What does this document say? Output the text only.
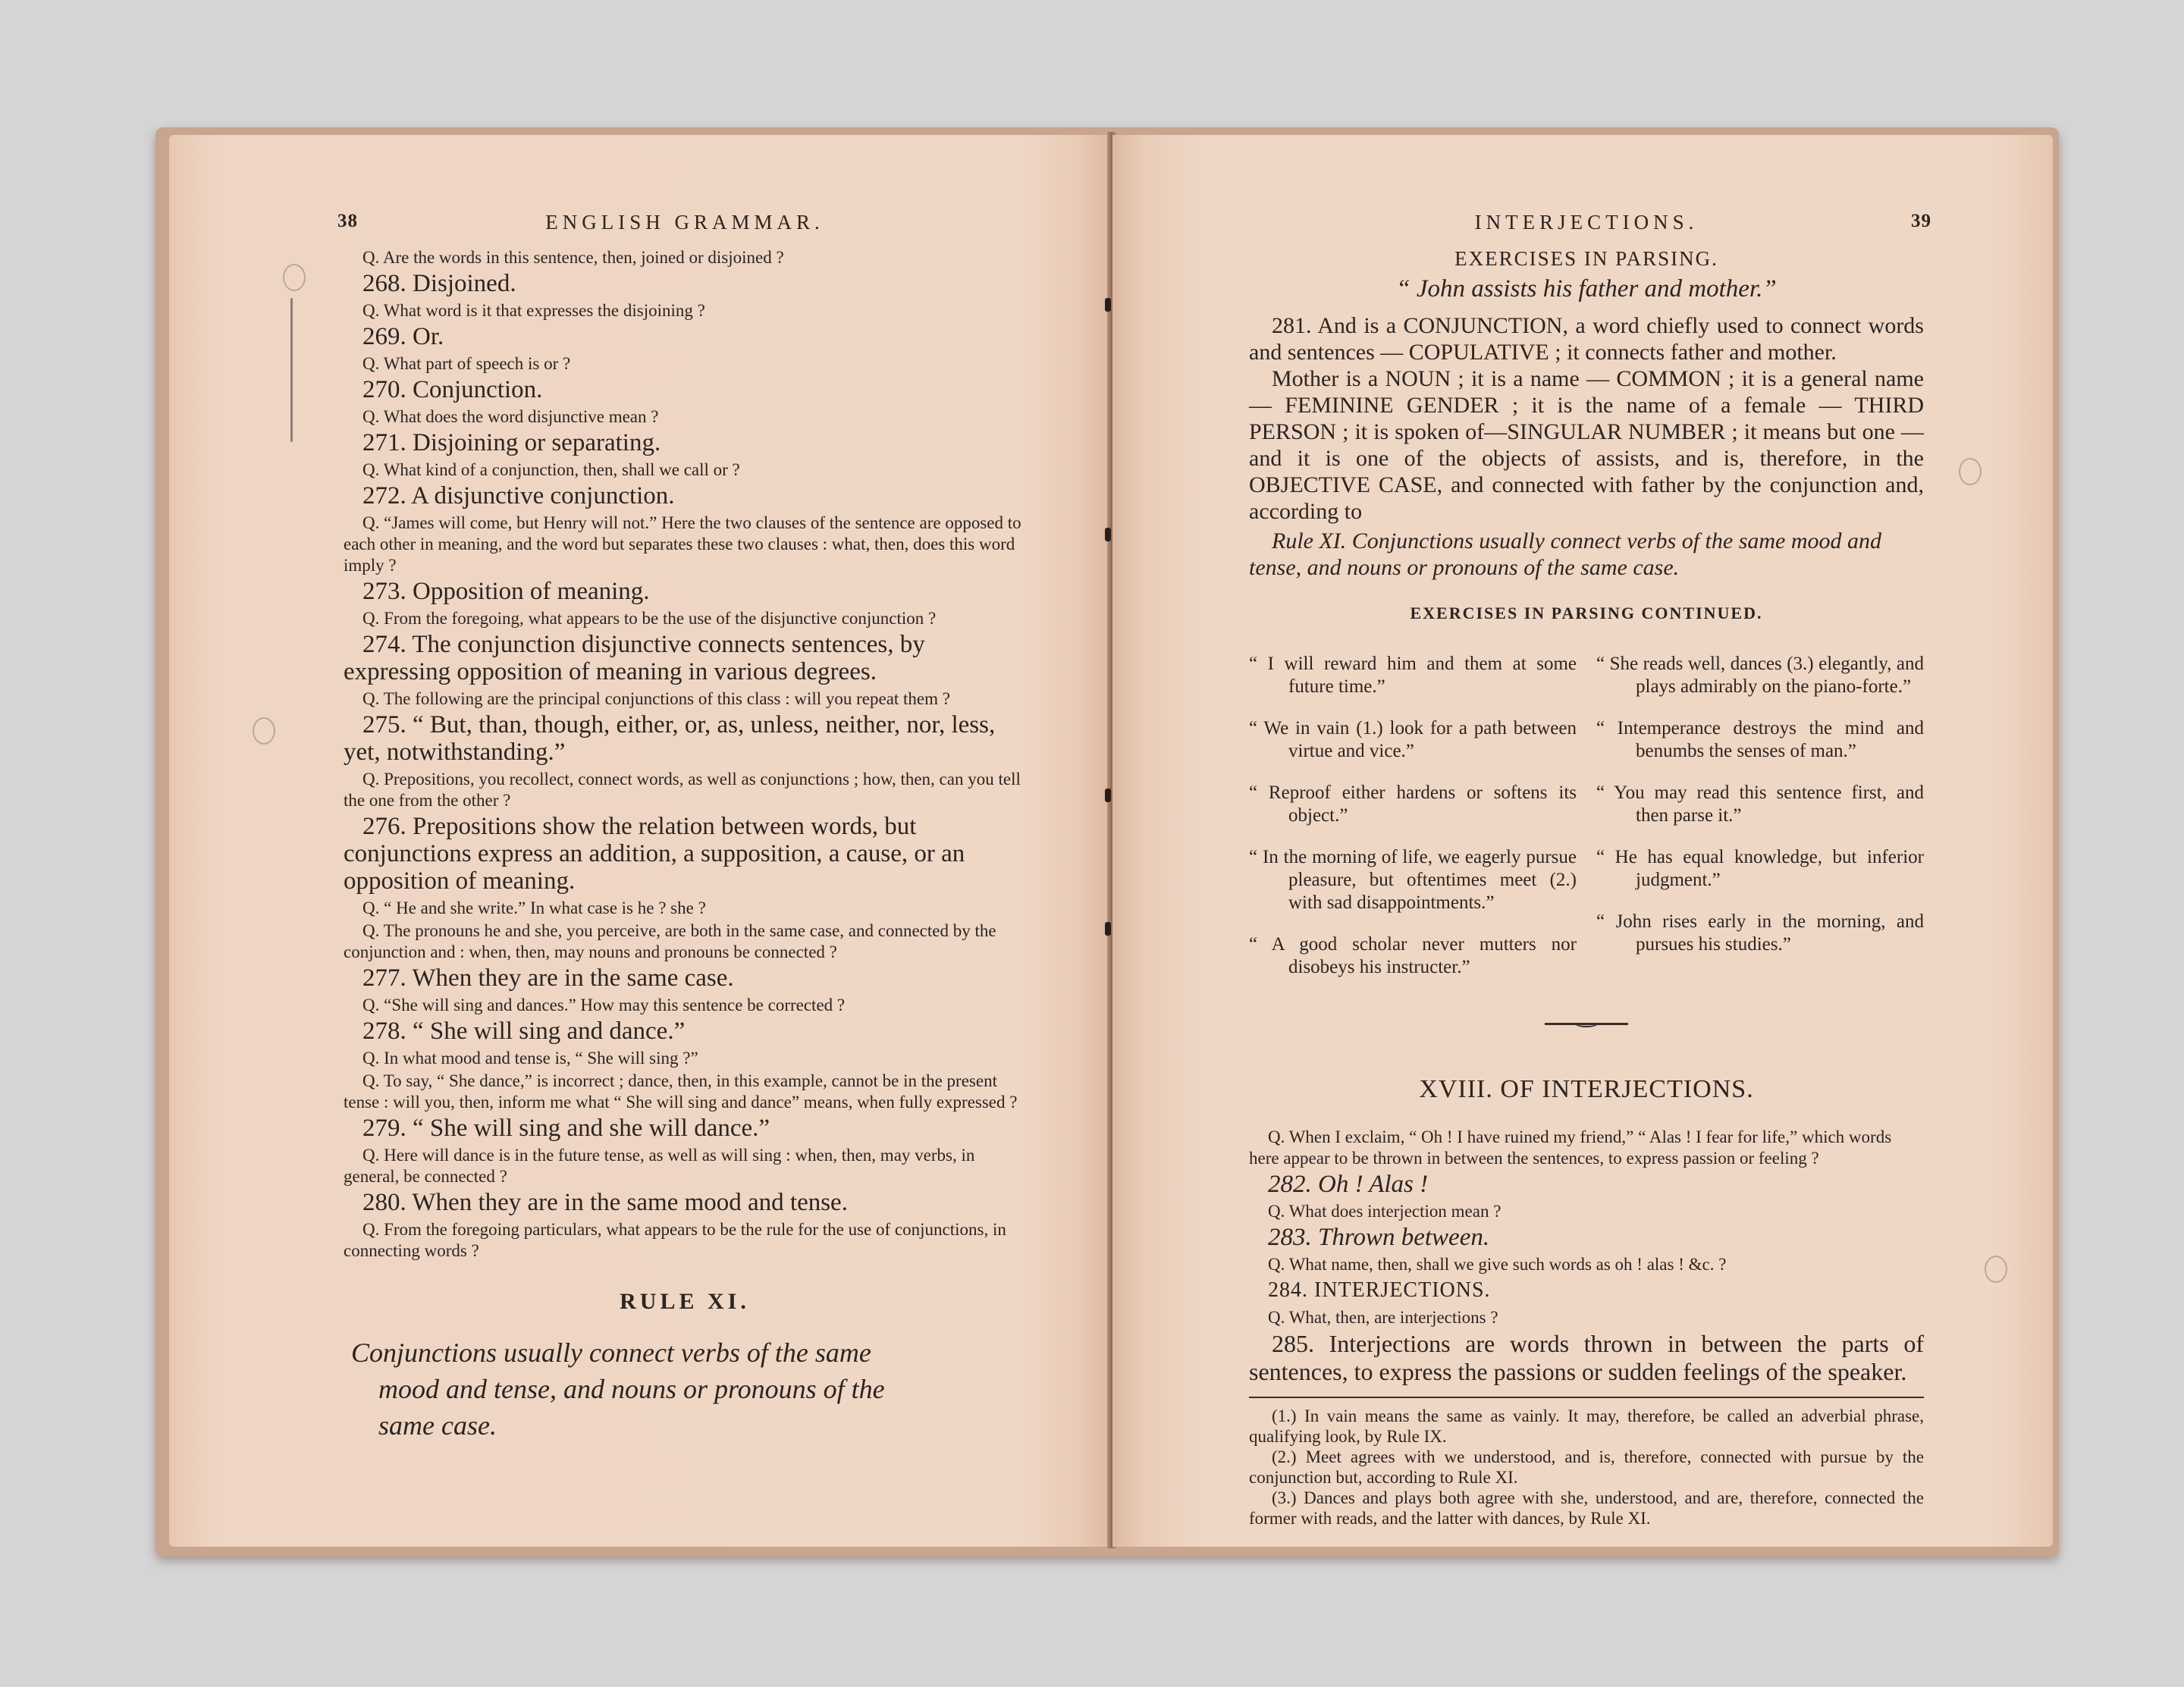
38	ENGLISH GRAMMAR.

Q. Are the words in this sentence, then, joined or disjoined ?

268. Disjoined.

Q. What word is it that expresses the disjoining ?

269. Or.

Q. What part of speech is or ?

270. Conjunction.

Q. What does the word disjunctive mean ?

271. Disjoining or separating.

Q. What kind of a conjunction, then, shall we call or ?

272. A disjunctive conjunction.

Q. “James will come, but Henry will not.” Here the two clauses of the sentence are opposed to each other in meaning, and the word but separates these two clauses : what, then, does this word imply ?

273. Opposition of meaning.

Q. From the foregoing, what appears to be the use of the disjunctive conjunction ?

274. The conjunction disjunctive connects sentences, by expressing opposition of meaning in various degrees.

Q. The following are the principal conjunctions of this class : will you repeat them ?

275. “ But, than, though, either, or, as, unless, neither, nor, less, yet, notwithstanding.”

Q. Prepositions, you recollect, connect words, as well as conjunctions ; how, then, can you tell the one from the other ?

276. Prepositions show the relation between words, but conjunctions express an addition, a supposition, a cause, or an opposition of meaning.

Q. “ He and she write.” In what case is he ? she ?

Q. The pronouns he and she, you perceive, are both in the same case, and connected by the conjunction and : when, then, may nouns and pronouns be connected ?

277. When they are in the same case.

Q. “She will sing and dances.” How may this sentence be corrected ?

278. “ She will sing and dance.”

Q. In what mood and tense is, “ She will sing ?”

Q. To say, “ She dance,” is incorrect ; dance, then, in this example, cannot be in the present tense : will you, then, inform me what “ She will sing and dance” means, when fully expressed ?

279. “ She will sing and she will dance.”

Q. Here will dance is in the future tense, as well as will sing : when, then, may verbs, in general, be connected ?

280. When they are in the same mood and tense.

Q. From the foregoing particulars, what appears to be the rule for the use of conjunctions, in connecting words ?

RULE XI.
Conjunctions usually connect verbs of the same
mood and tense, and nouns or pronouns of the
same case.
INTERJECTIONS.	39
EXERCISES IN PARSING.
“ John assists his father and mother.”

281. And is a CONJUNCTION, a word chiefly used to connect words and sentences — COPULATIVE ; it connects father and mother.

Mother is a NOUN ; it is a name — COMMON ; it is a general name — FEMININE GENDER ; it is the name of a female — THIRD PERSON ; it is spoken of—SINGULAR NUMBER ; it means but one — and it is one of the objects of assists, and is, therefore, in the OBJECTIVE CASE, and connected with father by the conjunction and, according to

Rule XI. Conjunctions usually connect verbs of the same mood and tense, and nouns or pronouns of the same case.

EXERCISES IN PARSING CONTINUED.

“ I will reward him and them at some future time.”

“ We in vain (1.) look for a path between virtue and vice.”

“ Reproof either hardens or softens its object.”

“ In the morning of life, we eagerly pursue pleasure, but oftentimes meet (2.) with sad disappointments.”

“ A good scholar never mutters nor disobeys his instructer.”

“ She reads well, dances (3.) elegantly, and plays admirably on the piano-forte.”

“ Intemperance destroys the mind and benumbs the senses of man.”

“ You may read this sentence first, and then parse it.”

“ He has equal knowledge, but inferior judgment.”

“ John rises early in the morning, and pursues his studies.”

XVIII. OF INTERJECTIONS.

Q. When I exclaim, “ Oh ! I have ruined my friend,” “ Alas ! I fear for life,” which words here appear to be thrown in between the sentences, to express passion or feeling ?

282. Oh ! Alas !

Q. What does interjection mean ?

283. Thrown between.

Q. What name, then, shall we give such words as oh ! alas ! &c. ?

284. INTERJECTIONS.

Q. What, then, are interjections ?

285. Interjections are words thrown in between the parts of sentences, to express the passions or sudden feelings of the speaker.

(1.) In vain means the same as vainly. It may, therefore, be called an adverbial phrase, qualifying look, by Rule IX.

(2.) Meet agrees with we understood, and is, therefore, connected with pursue by the conjunction but, according to Rule XI.

(3.) Dances and plays both agree with she, understood, and are, therefore, connected the former with reads, and the latter with dances, by Rule XI.
